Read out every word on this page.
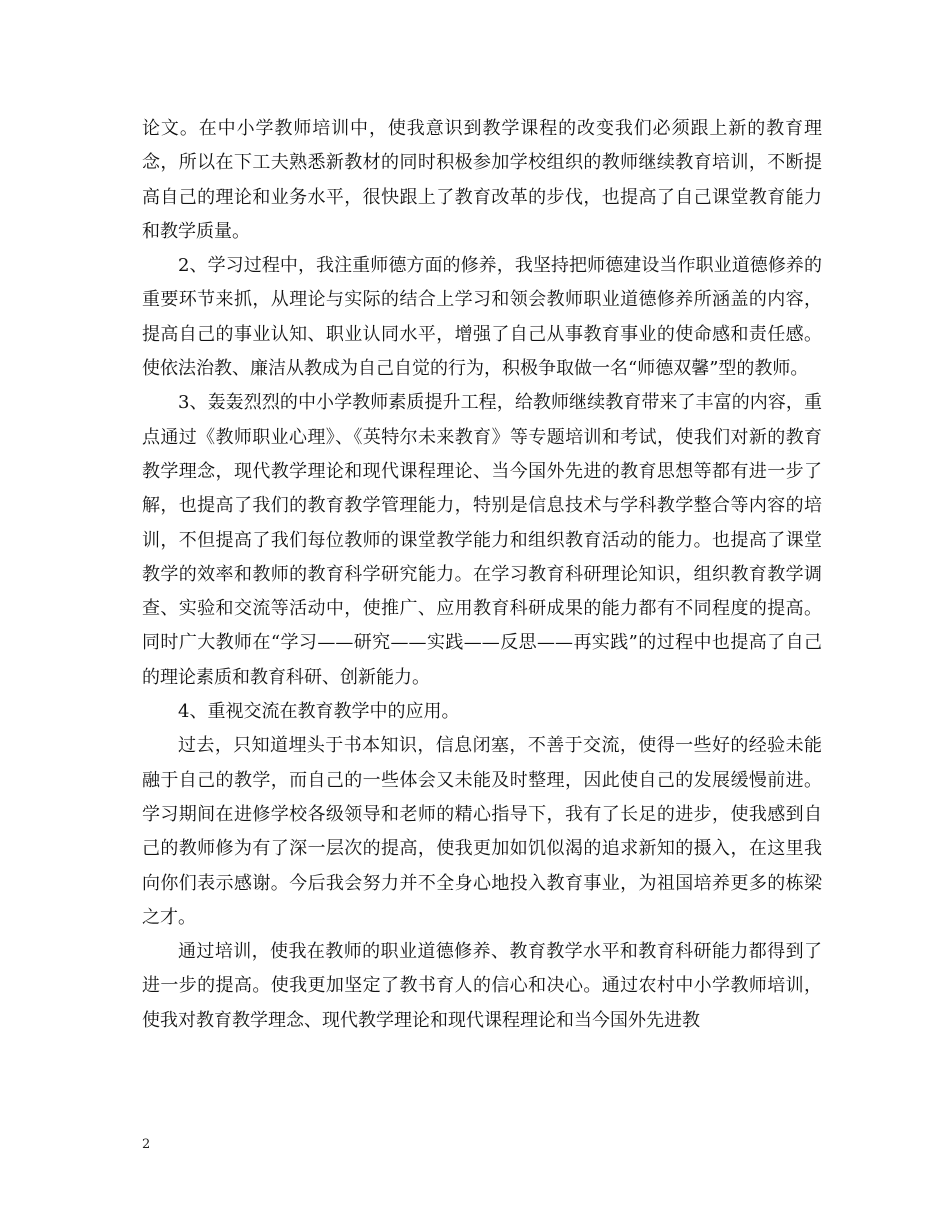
论文。在中小学教师培训中，使我意识到教学课程的改变我们必须跟上新的教育理念，所以在下工夫熟悉新教材的同时积极参加学校组织的教师继续教育培训，不断提高自己的理论和业务水平，很快跟上了教育改革的步伐，也提高了自己课堂教育能力和教学质量。

2、学习过程中，我注重师德方面的修养，我坚持把师德建设当作职业道德修养的重要环节来抓，从理论与实际的结合上学习和领会教师职业道德修养所涵盖的内容，提高自己的事业认知、职业认同水平，增强了自己从事教育事业的使命感和责任感。使依法治教、廉洁从教成为自己自觉的行为，积极争取做一名“师德双馨”型的教师。

3、轰轰烈烈的中小学教师素质提升工程，给教师继续教育带来了丰富的内容，重点通过《教师职业心理》、《英特尔未来教育》等专题培训和考试，使我们对新的教育教学理念，现代教学理论和现代课程理论、当今国外先进的教育思想等都有进一步了解，也提高了我们的教育教学管理能力，特别是信息技术与学科教学整合等内容的培训，不但提高了我们每位教师的课堂教学能力和组织教育活动的能力。也提高了课堂教学的效率和教师的教育科学研究能力。在学习教育科研理论知识，组织教育教学调查、实验和交流等活动中，使推广、应用教育科研成果的能力都有不同程度的提高。同时广大教师在“学习——研究——实践——反思——再实践”的过程中也提高了自己的理论素质和教育科研、创新能力。

4、重视交流在教育教学中的应用。

过去，只知道埋头于书本知识，信息闭塞，不善于交流，使得一些好的经验未能融于自己的教学，而自己的一些体会又未能及时整理，因此使自己的发展缓慢前进。学习期间在进修学校各级领导和老师的精心指导下，我有了长足的进步，使我感到自己的教师修为有了深一层次的提高，使我更加如饥似渴的追求新知的摄入，在这里我向你们表示感谢。今后我会努力并不全身心地投入教育事业，为祖国培养更多的栋梁之才。

通过培训，使我在教师的职业道德修养、教育教学水平和教育科研能力都得到了进一步的提高。使我更加坚定了教书育人的信心和决心。通过农村中小学教师培训，使我对教育教学理念、现代教学理论和现代课程理论和当今国外先进教

2
